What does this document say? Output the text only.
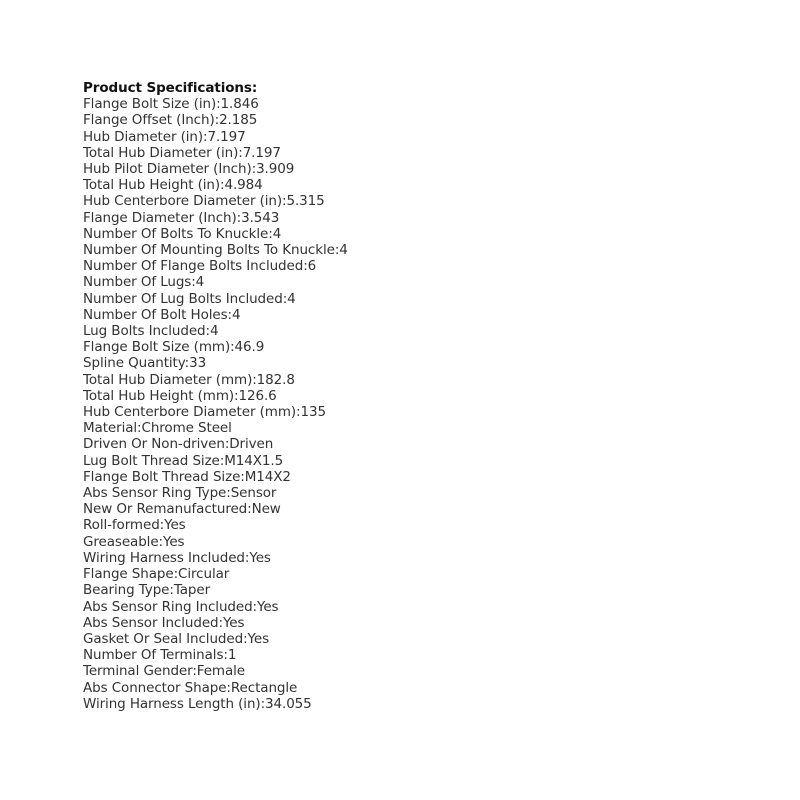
Product Specifications:
Flange Bolt Size (in):1.846
Flange Offset (Inch):2.185
Hub Diameter (in):7.197
Total Hub Diameter (in):7.197
Hub Pilot Diameter (Inch):3.909
Total Hub Height (in):4.984
Hub Centerbore Diameter (in):5.315
Flange Diameter (Inch):3.543
Number Of Bolts To Knuckle:4
Number Of Mounting Bolts To Knuckle:4
Number Of Flange Bolts Included:6
Number Of Lugs:4
Number Of Lug Bolts Included:4
Number Of Bolt Holes:4
Lug Bolts Included:4
Flange Bolt Size (mm):46.9
Spline Quantity:33
Total Hub Diameter (mm):182.8
Total Hub Height (mm):126.6
Hub Centerbore Diameter (mm):135
Material:Chrome Steel
Driven Or Non-driven:Driven
Lug Bolt Thread Size:M14X1.5
Flange Bolt Thread Size:M14X2
Abs Sensor Ring Type:Sensor
New Or Remanufactured:New
Roll-formed:Yes
Greaseable:Yes
Wiring Harness Included:Yes
Flange Shape:Circular
Bearing Type:Taper
Abs Sensor Ring Included:Yes
Abs Sensor Included:Yes
Gasket Or Seal Included:Yes
Number Of Terminals:1
Terminal Gender:Female
Abs Connector Shape:Rectangle
Wiring Harness Length (in):34.055
